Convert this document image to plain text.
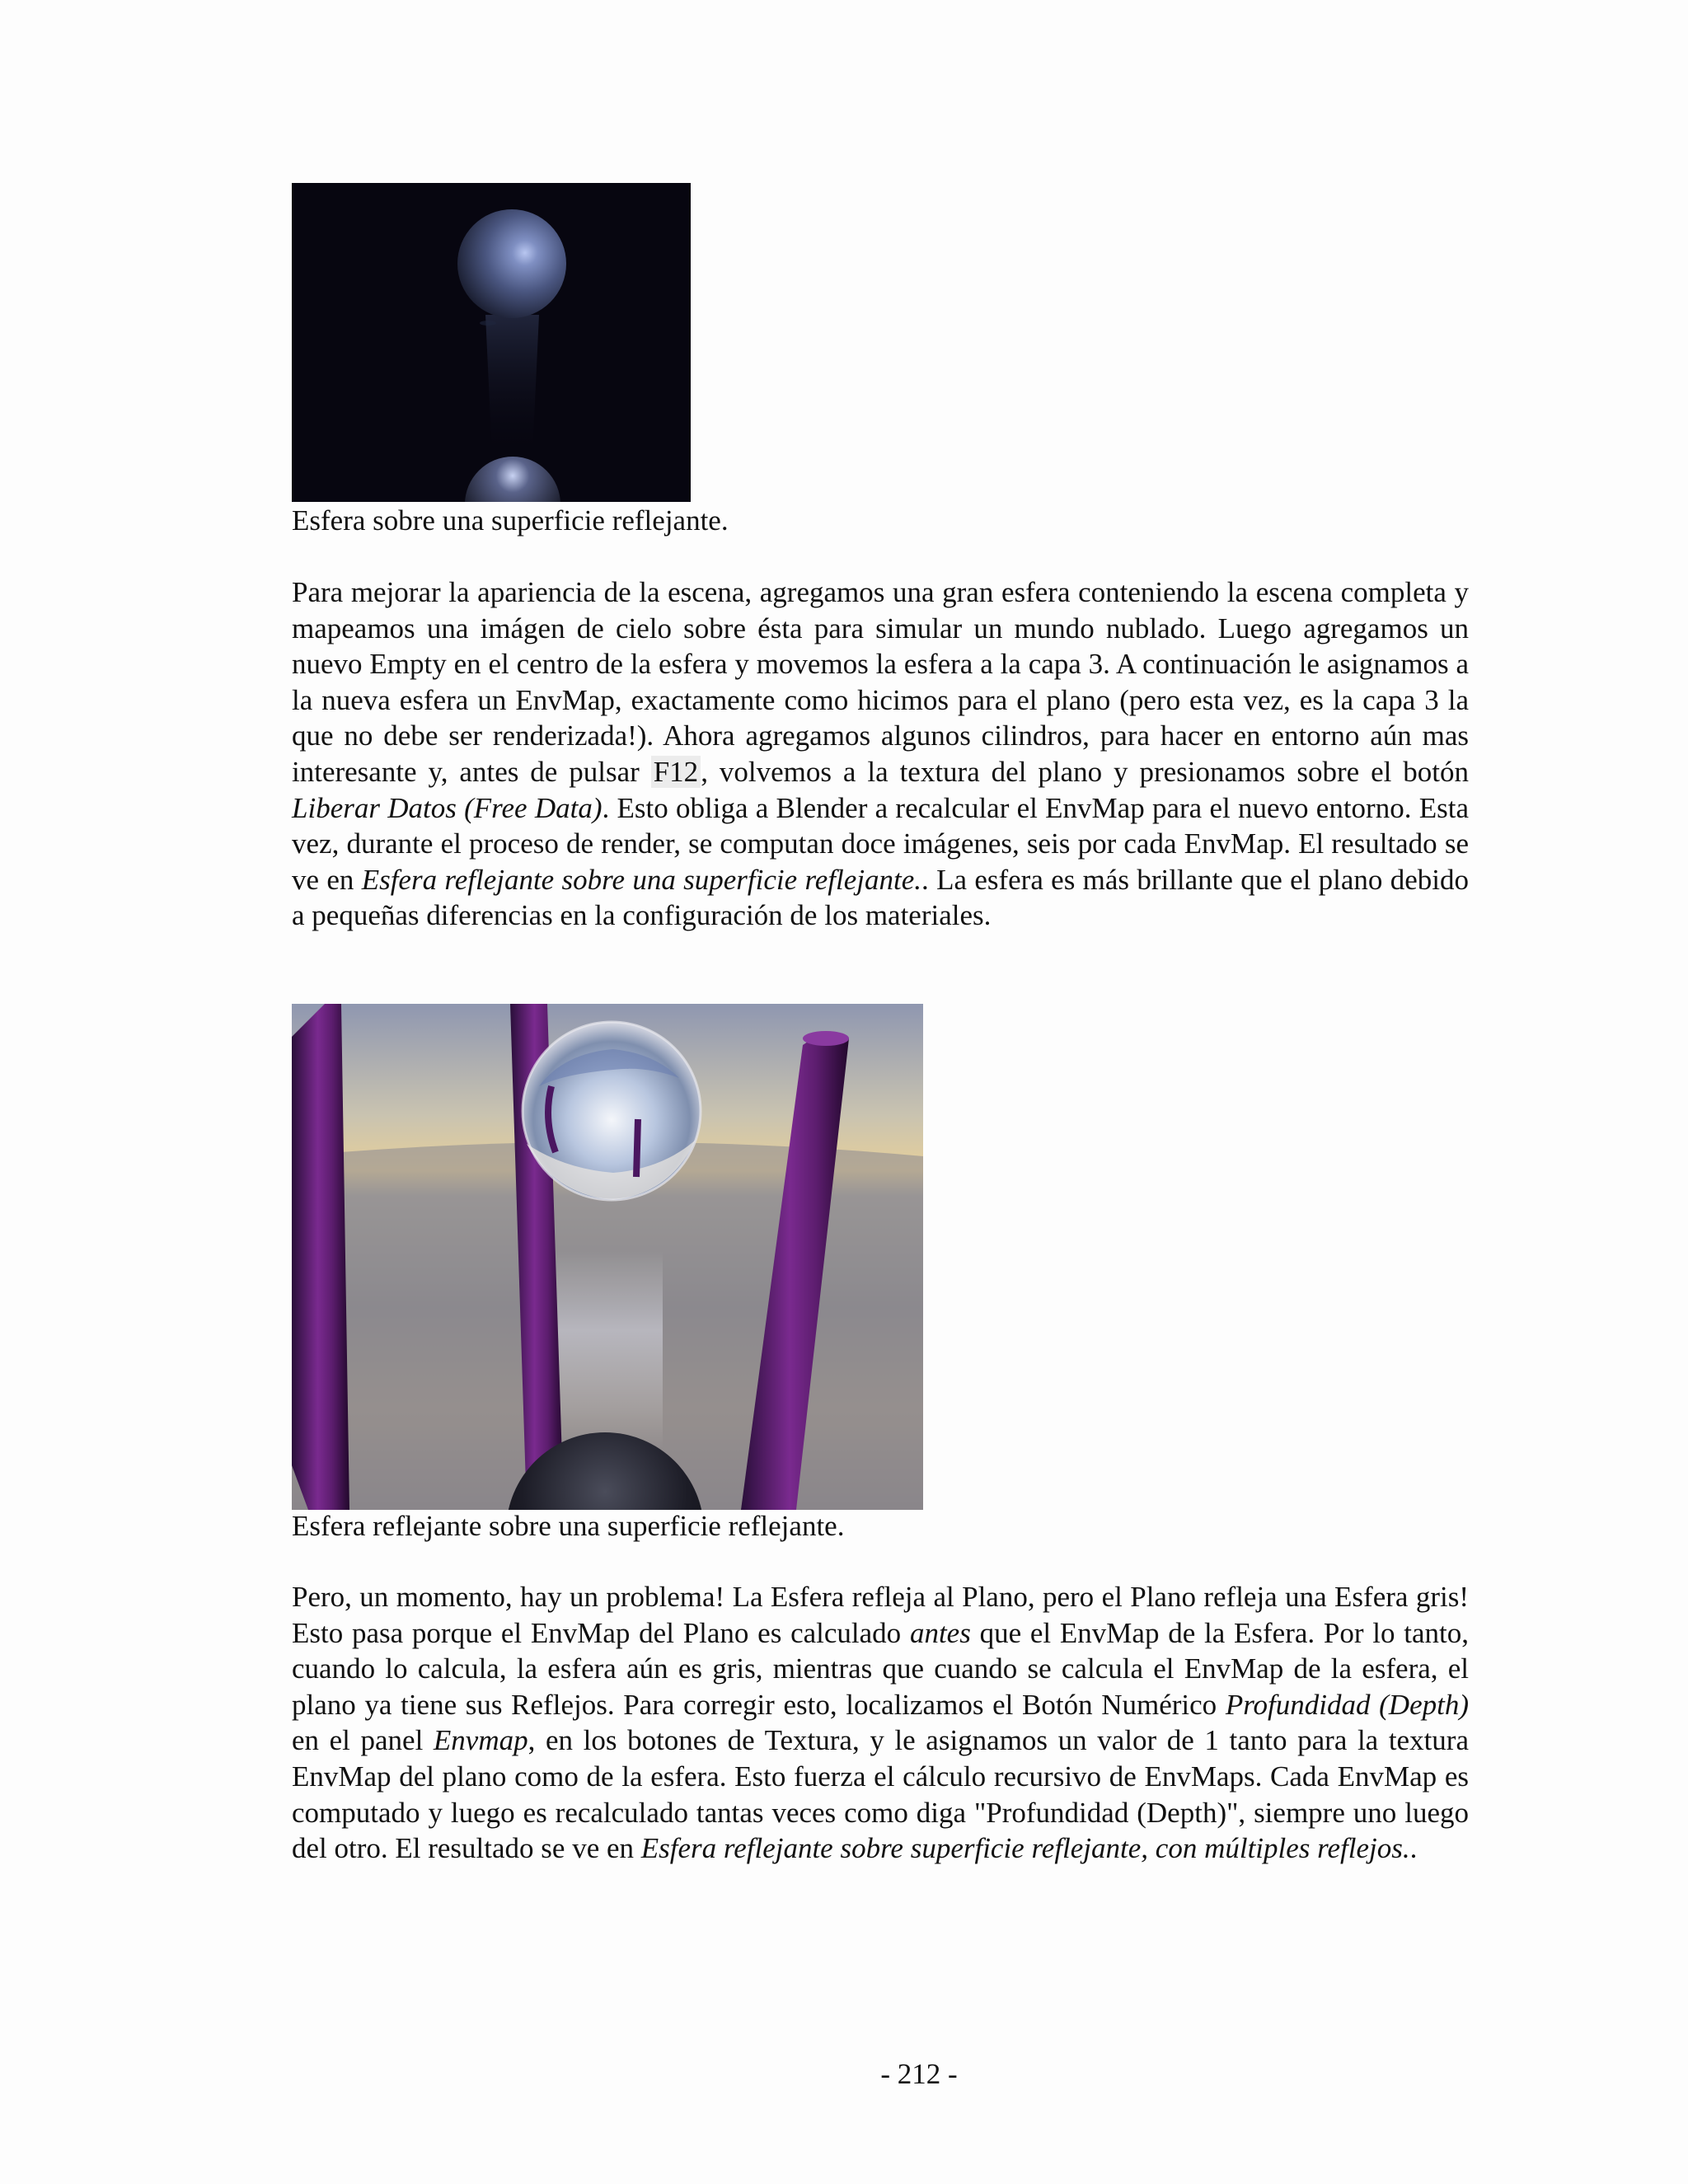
Esfera sobre una superficie reflejante.
Para mejorar la apariencia de la escena, agregamos una gran esfera conteniendo la escena completa y mapeamos una imágen de cielo sobre ésta para simular un mundo nublado. Luego agregamos un nuevo Empty en el centro de la esfera y movemos la esfera a la capa 3. A continuación le asignamos a la nueva esfera un EnvMap, exactamente como hicimos para el plano (pero esta vez, es la capa 3 la que no debe ser renderizada!). Ahora agregamos algunos cilindros, para hacer en entorno aún mas interesante y, antes de pulsar F12, volvemos a la textura del plano y presionamos sobre el botón Liberar Datos (Free Data). Esto obliga a Blender a recalcular el EnvMap para el nuevo entorno. Esta vez, durante el proceso de render, se computan doce imágenes, seis por cada EnvMap. El resultado se ve en Esfera reflejante sobre una superficie reflejante.. La esfera es más brillante que el plano debido a pequeñas diferencias en la configuración de los materiales.
Esfera reflejante sobre una superficie reflejante.
Pero, un momento, hay un problema! La Esfera refleja al Plano, pero el Plano refleja una Esfera gris! Esto pasa porque el EnvMap del Plano es calculado antes que el EnvMap de la Esfera. Por lo tanto, cuando lo calcula, la esfera aún es gris, mientras que cuando se calcula el EnvMap de la esfera, el plano ya tiene sus Reflejos. Para corregir esto, localizamos el Botón Numérico Profundidad (Depth) en el panel Envmap, en los botones de Textura, y le asignamos un valor de 1 tanto para la textura EnvMap del plano como de la esfera. Esto fuerza el cálculo recursivo de EnvMaps. Cada EnvMap es computado y luego es recalculado tantas veces como diga "Profundidad (Depth)", siempre uno luego del otro. El resultado se ve en Esfera reflejante sobre superficie reflejante, con múltiples reflejos..
- 212 -
